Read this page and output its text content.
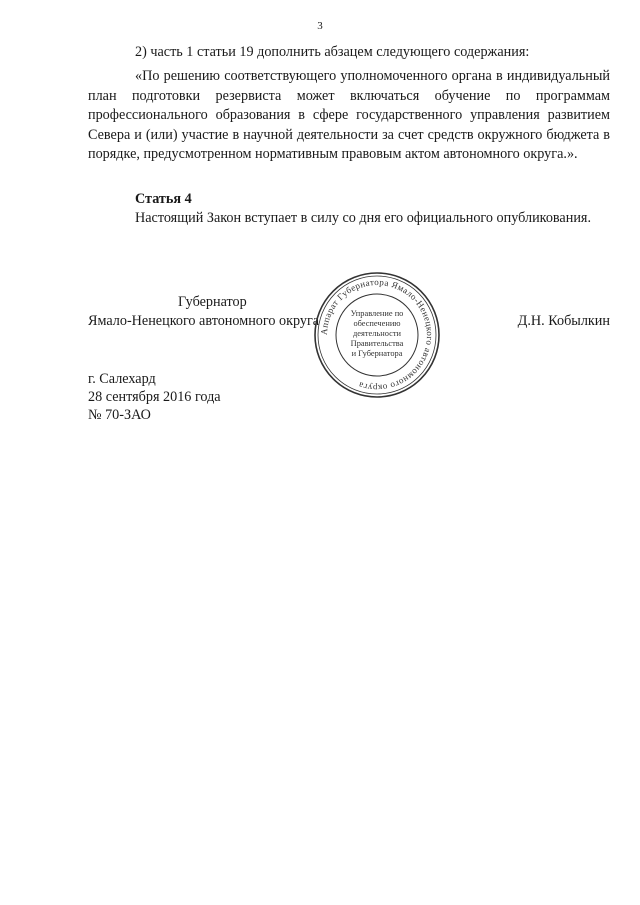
3

2) часть 1 статьи 19 дополнить абзацем следующего содержания:

«По решению соответствующего уполномоченного органа в индивидуальный план подготовки резервиста может включаться обучение по программам профессионального образования в сфере государственного управления развитием Севера и (или) участие в научной деятельности за счет средств окружного бюджета в порядке, предусмотренном нормативным правовым актом автономного округа.».

Статья 4

Настоящий Закон вступает в силу со дня его официального опубликования.

Губернатор
Ямало-Ненецкого автономного округа	Д.Н. Кобылкин
Аппарат Губернатора Ямало-Ненецкого автономного округа
Управление по
обеспечению
деятельности
Правительства
и Губернатора
г. Салехард
28 сентября 2016 года
№ 70-ЗАО
